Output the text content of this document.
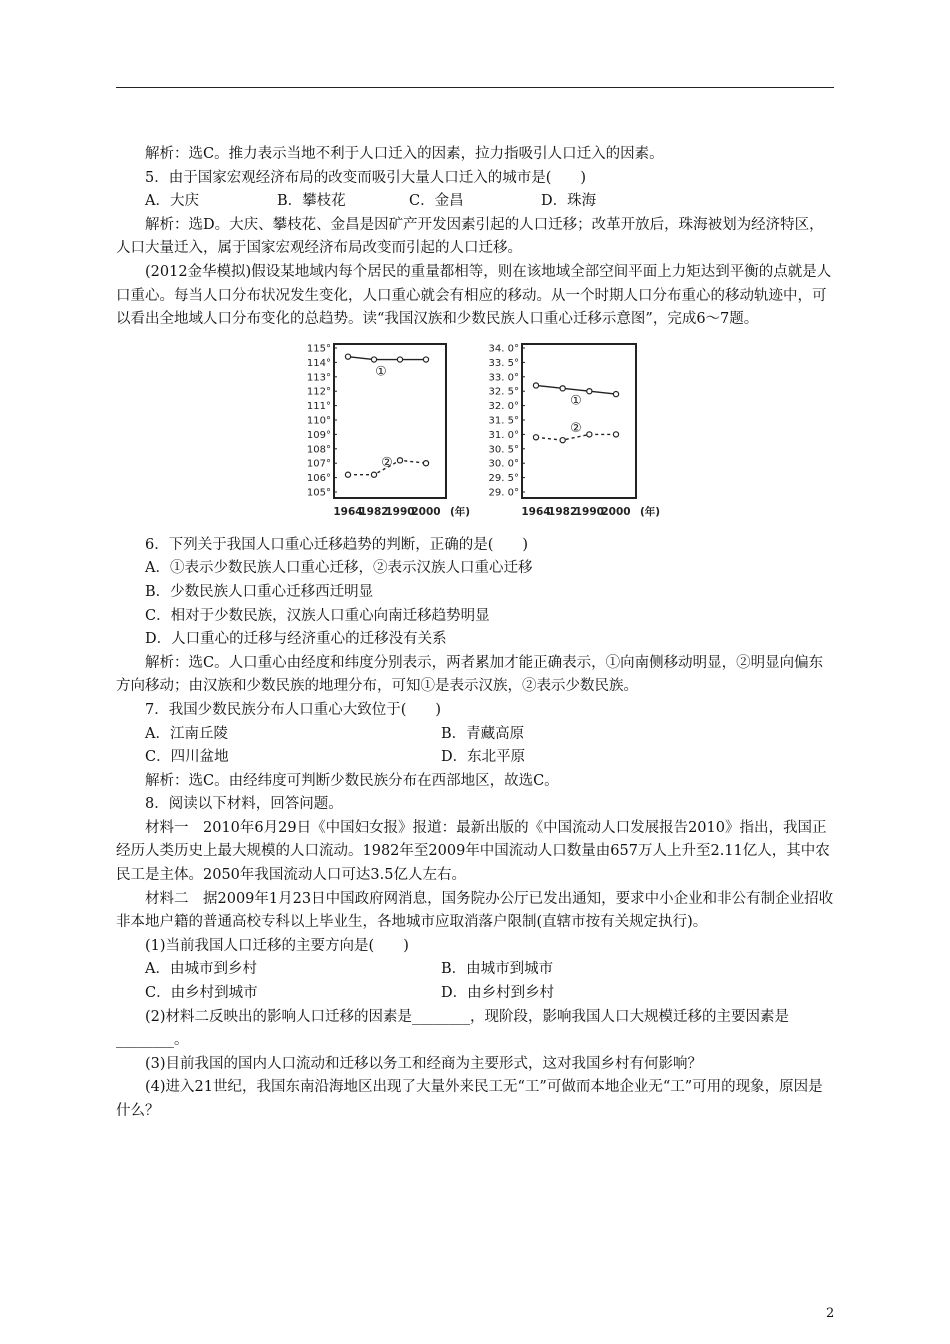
解析：选C。推力表示当地不利于人口迁入的因素，拉力指吸引人口迁入的因素。

5．由于国家宏观经济布局的改变而吸引大量人口迁入的城市是(　　)

A．大庆	B．攀枝花	C．金昌	D．珠海

解析：选D。大庆、攀枝花、金昌是因矿产开发因素引起的人口迁移；改革开放后，珠海被划为经济特区，人口大量迁入，属于国家宏观经济布局改变而引起的人口迁移。

(2012金华模拟)假设某地域内每个居民的重量都相等，则在该地域全部空间平面上力矩达到平衡的点就是人口重心。每当人口分布状况发生变化，人口重心就会有相应的移动。从一个时期人口分布重心的移动轨迹中，可以看出全地域人口分布变化的总趋势。读“我国汉族和少数民族人口重心迁移示意图”，完成6～7题。

105°
106°
107°
108°
109°
110°
111°
112°
113°
114°
115°
1964
1982
1990
2000 (年)
①
②
29. 0°
29. 5°
30. 0°
30. 5°
31. 0°
31. 5°
32. 0°
32. 5°
33. 0°
33. 5°
34. 0°
1964
1982
1990
2000 (年)
①
②

6．下列关于我国人口重心迁移趋势的判断，正确的是(　　)

A．①表示少数民族人口重心迁移，②表示汉族人口重心迁移

B．少数民族人口重心迁移西迁明显

C．相对于少数民族，汉族人口重心向南迁移趋势明显

D．人口重心的迁移与经济重心的迁移没有关系

解析：选C。人口重心由经度和纬度分别表示，两者累加才能正确表示，①向南侧移动明显，②明显向偏东方向移动；由汉族和少数民族的地理分布，可知①是表示汉族，②表示少数民族。

7．我国少数民族分布人口重心大致位于(　　)

A．江南丘陵	B．青藏高原
C．四川盆地	D．东北平原

解析：选C。由经纬度可判断少数民族分布在西部地区，故选C。

8．阅读以下材料，回答问题。

材料一　2010年6月29日《中国妇女报》报道：最新出版的《中国流动人口发展报告2010》指出，我国正经历人类历史上最大规模的人口流动。1982年至2009年中国流动人口数量由657万人上升至2.11亿人，其中农民工是主体。2050年我国流动人口可达3.5亿人左右。

材料二　据2009年1月23日中国政府网消息，国务院办公厅已发出通知，要求中小企业和非公有制企业招收非本地户籍的普通高校专科以上毕业生，各地城市应取消落户限制(直辖市按有关规定执行)。

(1)当前我国人口迁移的主要方向是(　　)

A．由城市到乡村	B．由城市到城市
C．由乡村到城市	D．由乡村到乡村

(2)材料二反映出的影响人口迁移的因素是________，现阶段，影响我国人口大规模迁移的主要因素是________。

(3)目前我国的国内人口流动和迁移以务工和经商为主要形式，这对我国乡村有何影响？

(4)进入21世纪，我国东南沿海地区出现了大量外来民工无“工”可做而本地企业无“工”可用的现象，原因是什么？

2
